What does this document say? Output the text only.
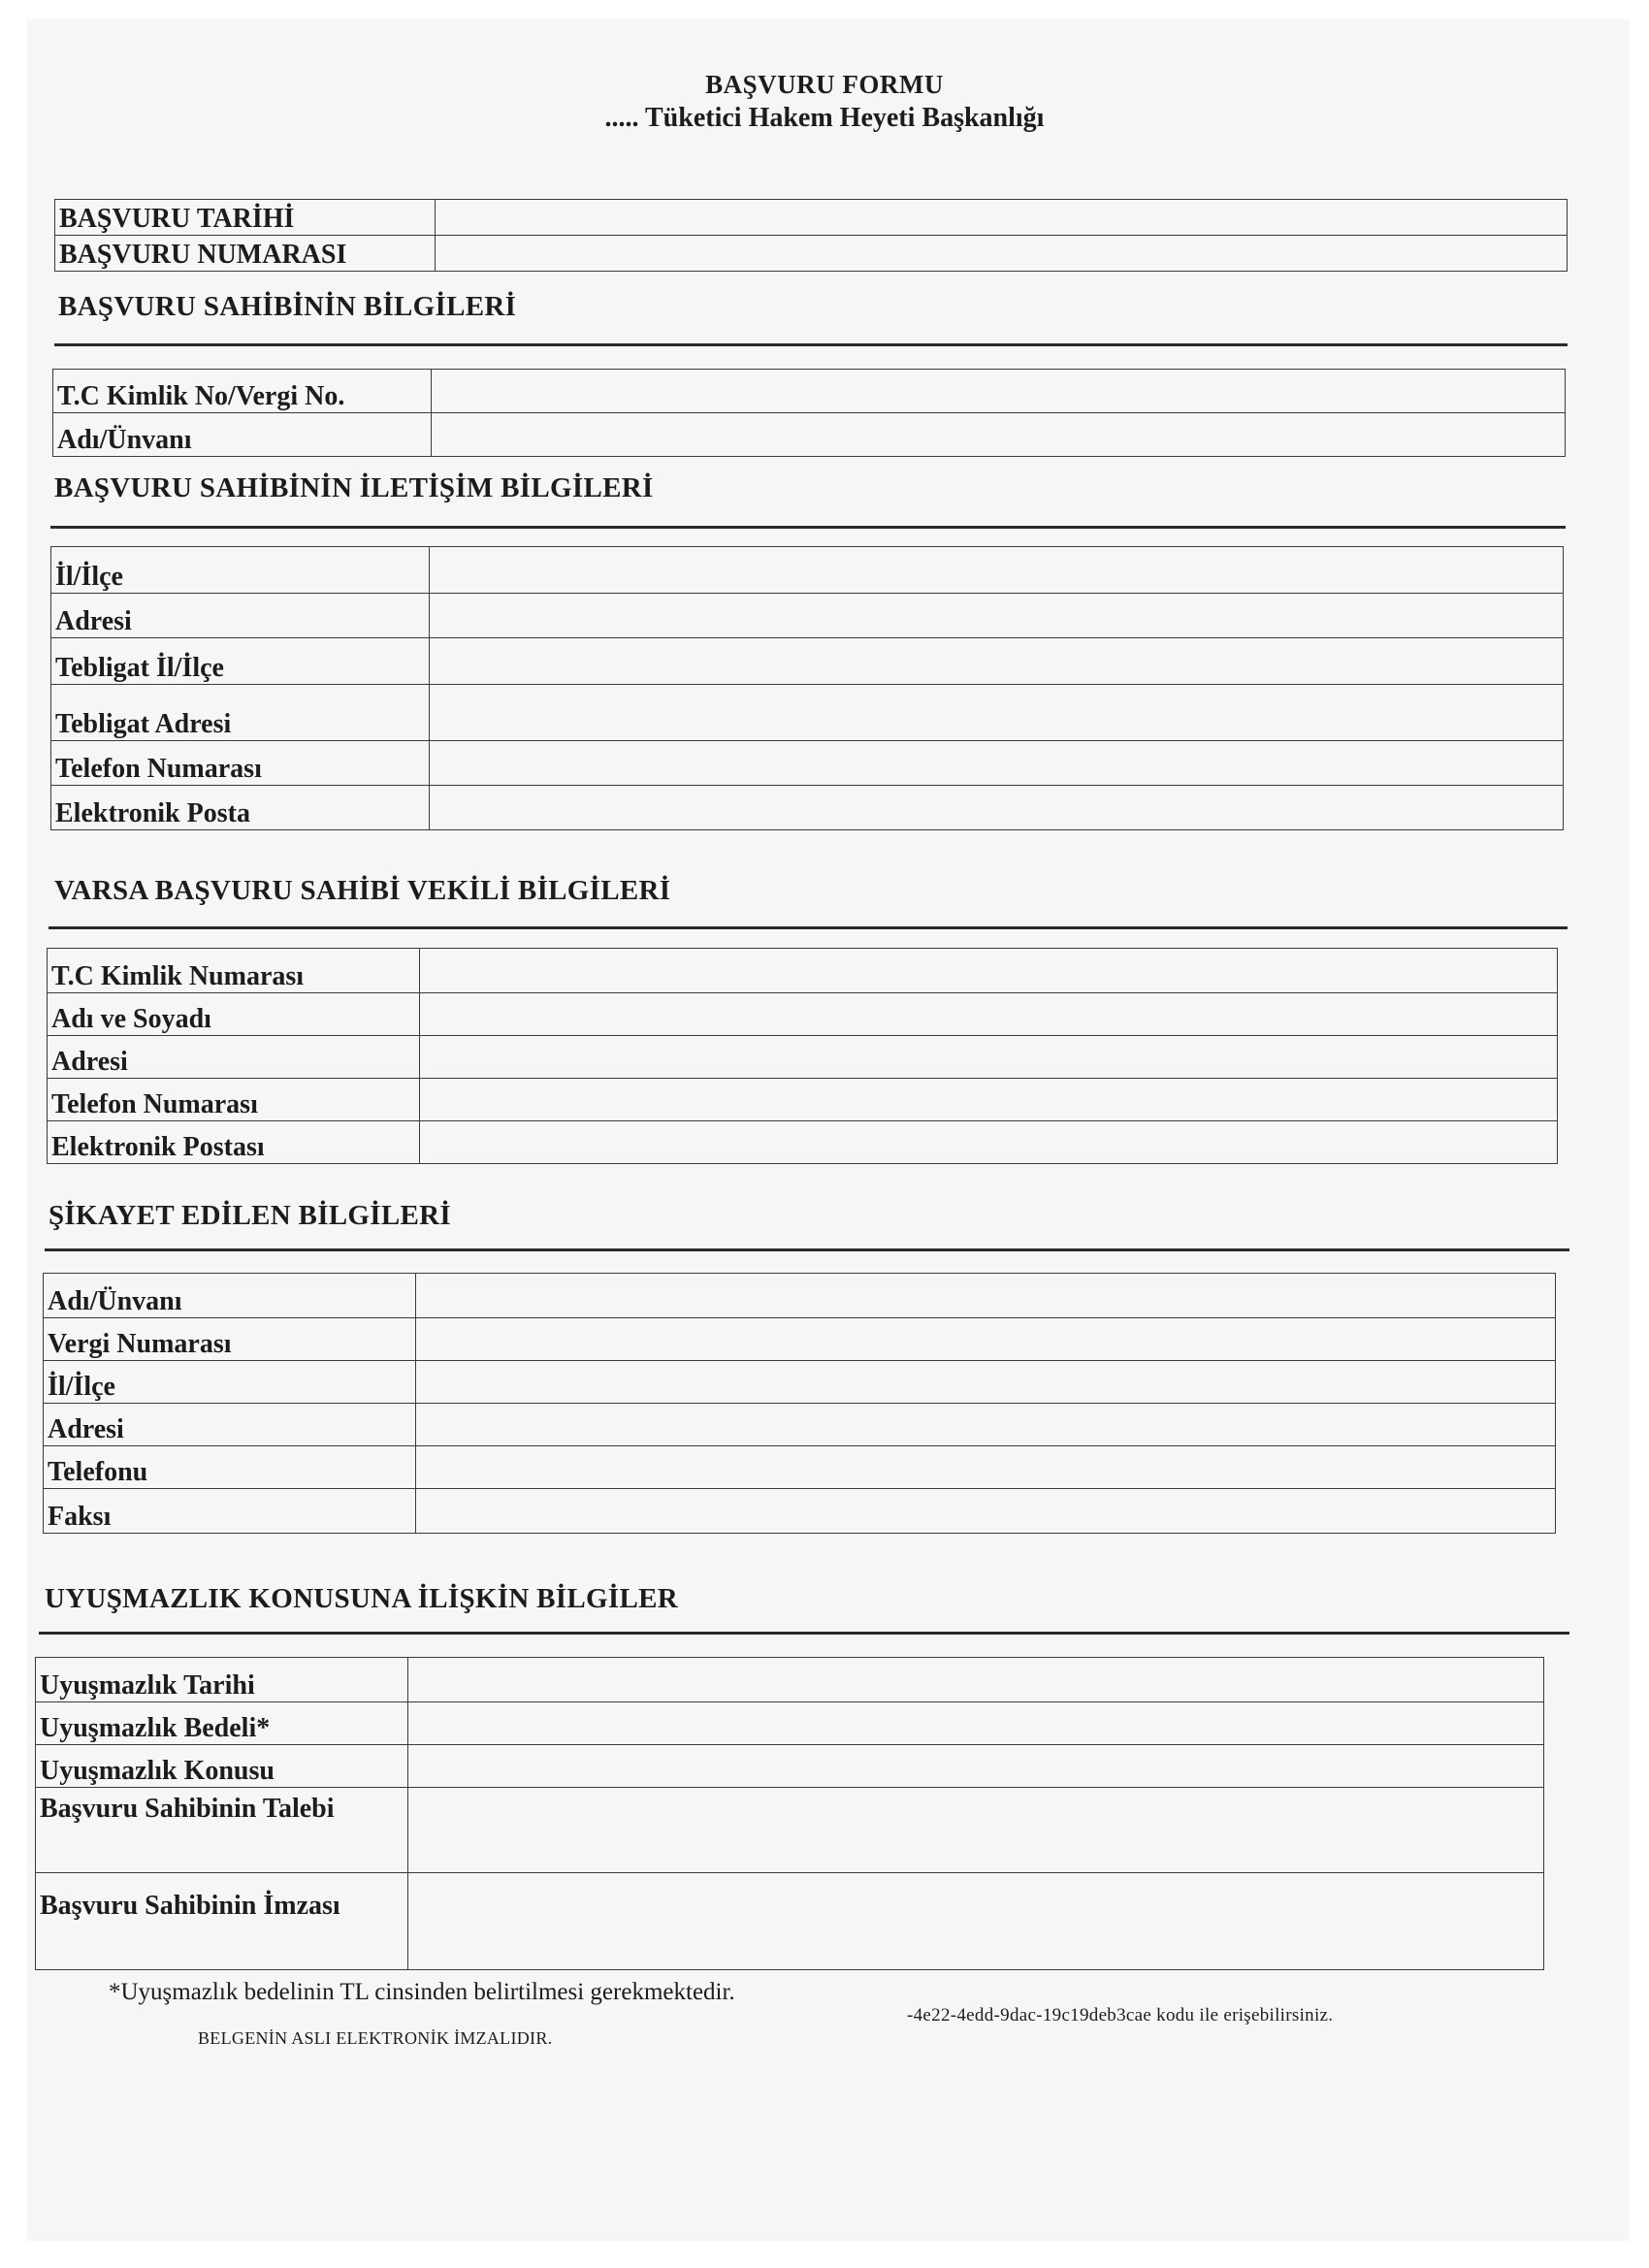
BAŞVURU FORMU
..... Tüketici Hakem Heyeti Başkanlığı
BAŞVURU TARİHİ	
BAŞVURU NUMARASI	
BAŞVURU SAHİBİNİN BİLGİLERİ
T.C Kimlik No/Vergi No.	
Adı/Ünvanı	
BAŞVURU SAHİBİNİN İLETİŞİM BİLGİLERİ
İl/İlçe	
Adresi	
Tebligat İl/İlçe	
Tebligat Adresi	
Telefon Numarası	
Elektronik Posta	
VARSA BAŞVURU SAHİBİ VEKİLİ BİLGİLERİ
T.C Kimlik Numarası	
Adı ve Soyadı	
Adresi	
Telefon Numarası	
Elektronik Postası	
ŞİKAYET EDİLEN BİLGİLERİ
Adı/Ünvanı	
Vergi Numarası	
İl/İlçe	
Adresi	
Telefonu	
Faksı	
UYUŞMAZLIK KONUSUNA İLİŞKİN BİLGİLER
Uyuşmazlık Tarihi	
Uyuşmazlık Bedeli*	
Uyuşmazlık Konusu	
Başvuru Sahibinin Talebi	
Başvuru Sahibinin İmzası	
*Uyuşmazlık bedelinin TL cinsinden belirtilmesi gerekmektedir.
-4e22-4edd-9dac-19c19deb3cae kodu ile erişebilirsiniz.
BELGENİN ASLI ELEKTRONİK İMZALIDIR.
